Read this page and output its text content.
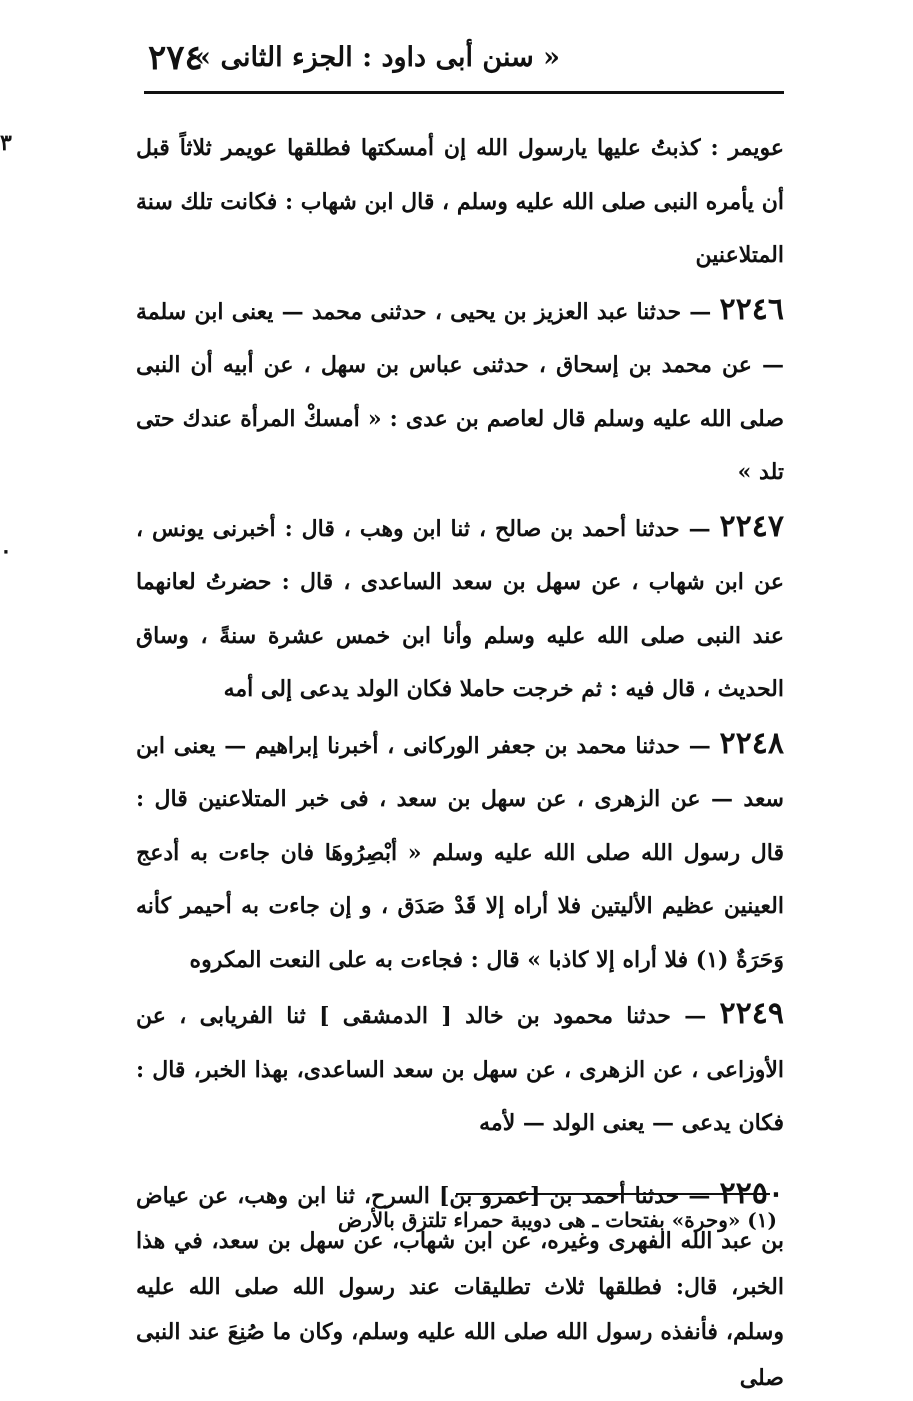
« سنن أبى داود : الجزء الثانى »
٢٧٤
٣
٠

عويمر : كذبتُ عليها يارسول الله إن أمسكتها فطلقها عويمر ثلاثاً قبل أن يأمره النبى صلى الله عليه وسلم ، قال ابن شهاب : فكانت تلك سنة المتلاعنين

٢٢٤٦ — حدثنا عبد العزيز بن يحيى ، حدثنى محمد — يعنى ابن سلمة — عن محمد بن إسحاق ، حدثنى عباس بن سهل ، عن أبيه أن النبى صلى الله عليه وسلم قال لعاصم بن عدى : « أمسكْ المرأة عندك حتى تلد »

٢٢٤٧ — حدثنا أحمد بن صالح ، ثنا ابن وهب ، قال : أخبرنى يونس ، عن ابن شهاب ، عن سهل بن سعد الساعدى ، قال : حضرتُ لعانهما عند النبى صلى الله عليه وسلم وأنا ابن خمس عشرة سنةً ، وساق الحديث ، قال فيه : ثم خرجت حاملا فكان الولد يدعى إلى أمه

٢٢٤٨ — حدثنا محمد بن جعفر الوركانى ، أخبرنا إبراهيم — يعنى ابن سعد — عن الزهرى ، عن سهل بن سعد ، فى خبر المتلاعنين قال : قال رسول الله صلى الله عليه وسلم « أبْصِرُوهَا فان جاءت به أدعج العينين عظيم الأليتين فلا أراه إلا قَدْ صَدَق ، و إن جاءت به أحيمر كأنه وَحَرَةٌ (١) فلا أراه إلا كاذبا » قال : فجاءت به على النعت المكروه

٢٢٤٩ — حدثنا محمود بن خالد [ الدمشقى ] ثنا الفريابى ، عن الأوزاعى ، عن الزهرى ، عن سهل بن سعد الساعدى، بهذا الخبر، قال : فكان يدعى — يعنى الولد — لأمه

٢٢٥٠ — حدثنا أحمد بن [عمرو بن] السرح، ثنا ابن وهب، عن عياض بن عبد الله الفهرى وغيره، عن ابن شهاب، عن سهل بن سعد، في هذا الخبر، قال: فطلقها ثلاث تطليقات عند رسول الله صلى الله عليه وسلم، فأنفذه رسول الله صلى الله عليه وسلم، وكان ما صُنِعَ عند النبى صلى

(١) «وحرة» بفتحات ـ هى دويبة حمراء تلتزق بالأرض
